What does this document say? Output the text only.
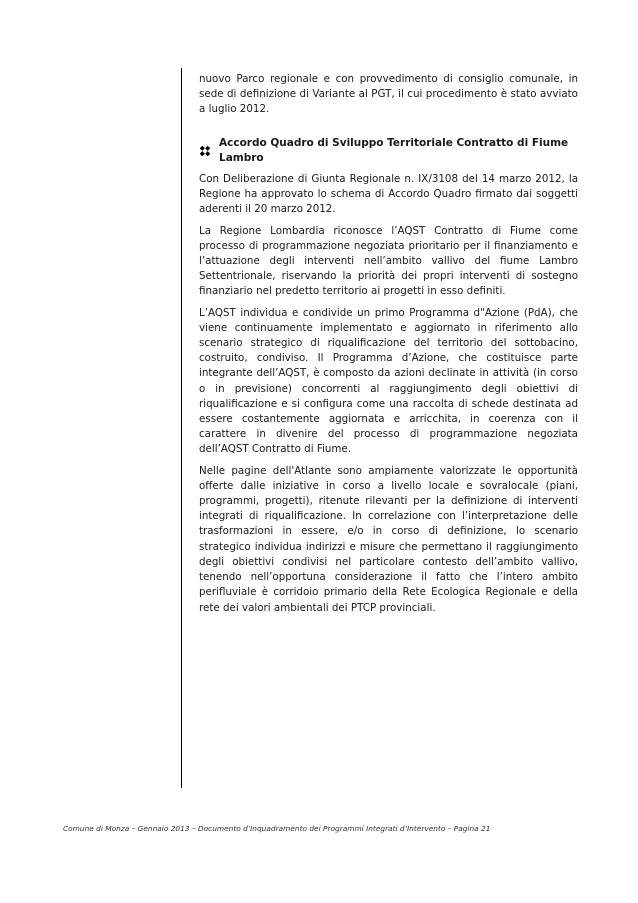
nuovo Parco regionale e con provvedimento di consiglio comunale, in sede di definizione di Variante al PGT, il cui procedimento è stato avviato a luglio 2012.

Accordo Quadro di Sviluppo Territoriale Contratto di Fiume Lambro

Con Deliberazione di Giunta Regionale n. IX/3108 del 14 marzo 2012, la Regione ha approvato lo schema di Accordo Quadro firmato dai soggetti aderenti il 20 marzo 2012.

La Regione Lombardia riconosce l’AQST Contratto di Fiume come processo di programmazione negoziata prioritario per il finanziamento e l’attuazione degli interventi nell’ambito vallivo del fiume Lambro Settentrionale, riservando la priorità dei propri interventi di sostegno finanziario nel predetto territorio ai progetti in esso definiti.

L’AQST individua e condivide un primo Programma d"Azione (PdA), che viene continuamente implementato e aggiornato in riferimento allo scenario strategico di riqualificazione del territorio del sottobacino, costruito, condiviso. Il Programma d’Azione, che costituisce parte integrante dell’AQST, è composto da azioni declinate in attività (in corso o in previsione) concorrenti al raggiungimento degli obiettivi di riqualificazione e si configura come una raccolta di schede destinata ad essere costantemente aggiornata e arricchita, in coerenza con il carattere in divenire del processo di programmazione negoziata dell’AQST Contratto di Fiume.

Nelle pagine dell'Atlante sono ampiamente valorizzate le opportunità offerte dalle iniziative in corso a livello locale e sovralocale (piani, programmi, progetti), ritenute rilevanti per la definizione di interventi integrati di riqualificazione. In correlazione con l’interpretazione delle trasformazioni in essere, e/o in corso di definizione, lo scenario strategico individua indirizzi e misure che permettano il raggiungimento degli obiettivi condivisi nel particolare contesto dell’ambito vallivo, tenendo nell’opportuna considerazione il fatto che l’intero ambito perifluviale è corridoio primario della Rete Ecologica Regionale e della rete dei valori ambientali dei PTCP provinciali.

Comune di Monza – Gennaio 2013 – Documento d’Inquadramento dei Programmi Integrati d’Intervento – Pagina 21
